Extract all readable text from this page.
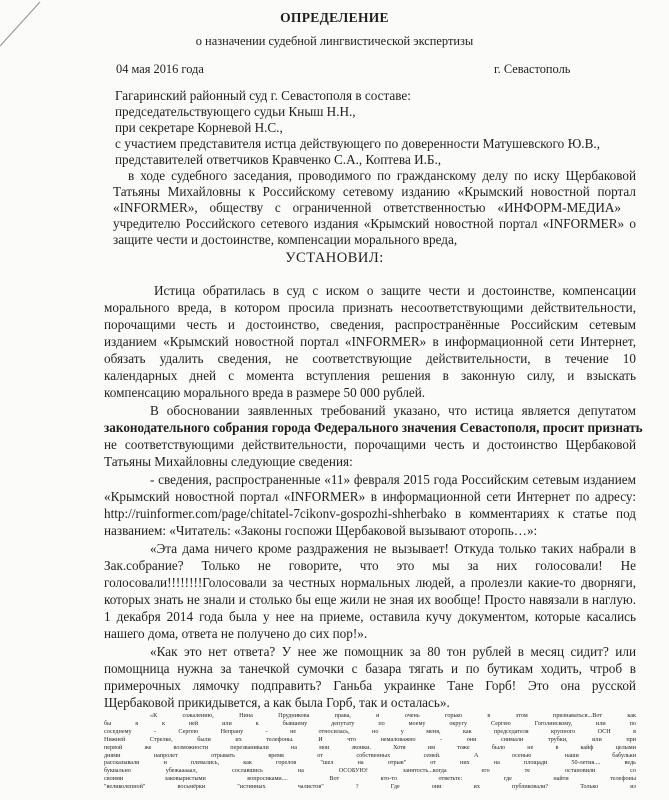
ОПРЕДЕЛЕНИЕ
о назначении судебной лингвистической экспертизы
04 мая 2016 года	г. Севастополь
Гагаринский районный суд г. Севастополя в составе:
председательствующего судьи Кныш Н.Н.,
при секретаре Корневой Н.С.,
с участием представителя истца действующего по доверенности Матушевского Ю.В.,
представителей ответчиков Кравченко С.А., Коптева И.Б.,
в ходе судебного заседания, проводимого по гражданскому делу по иску Щербаковой
Татьяны Михайловны к Российскому сетевому изданию «Крымский новостной портал
«INFORMER», обществу с ограниченной ответственностью «ИНФОРМ-МЕДИА»
учредителю Российского сетевого издания «Крымский новостной портал «INFORMER» о
защите чести и достоинстве, компенсации морального вреда,
УСТАНОВИЛ:
Истица обратилась в суд с иском о защите чести и достоинстве, компенсации
морального вреда, в котором просила признать несоответствующими действительности,
порочащими честь и достоинство, сведения, распространённые Российским сетевым
изданием «Крымский новостной портал «INFORMER» в информационной сети Интернет,
обязать удалить сведения, не соответствующие действительности, в течение 10
календарных дней с момента вступления решения в законную силу, и взыскать
компенсацию морального вреда в размере 50 000 рублей.
В обосновании заявленных требований указано, что истица является депутатом
законодательного собрания города Федерального значения Севастополя, просит признать
не соответствующими действительности, порочащими честь и достоинство Щербаковой
Татьяны Михайловны следующие сведения:
- сведения, распространенные «11» февраля 2015 года Российским сетевым изданием
«Крымский новостной портал «INFORMER» в информационной сети Интернет по адресу:
http://ruinformer.com/page/chitatel-7cikonv-gospozhi-shherbako в комментариях к статье под
названием: «Читатель: «Законы госпожи Щербаковой вызывают оторопь…»:
«Эта дама ничего кроме раздражения не вызывает! Откуда только таких набрали в
Зак.собрание? Только не говорите, что это мы за них голосовали! Не
голосовали!!!!!!!!Голосовали за честных нормальных людей, а пролезли какие-то дворняги,
которых знать не знали и столько бы еще жили не зная их вообще! Просто навязали в наглую.
1 декабря 2014 года была у нее на приеме, оставила кучу документом, которые касались
нашего дома, ответа не получено до сих пор!».
«Как это нет ответа? У нее же помощник за 80 тон рублей в месяц сидит? или
помощница нужна за танечкой сумочки с базара тягать и по бутикам ходить, чтроб в
примерочных лямочку подправить? Ганьба украинке Тане Горб! Это она русской
Щербаковой прикидывется, а как была Горб, так и осталась».
«К сожалению, Нина Прудникова права, и очень горько в этом признаваться...Вот как
бы я к ней или к бывшему депутату по моему округу Сергею Гоголинскому, или по
соседнему - Сергею Непрану - не относилась, но у меня, как председателя крупного ОСН в
Нижней Стрелке, были их телефоны. И что немаловажно - они снимали трубки, или при
первой же возможности перезванивали на мои звонки. Хотя им тоже было не в кайф целыми
днями напролет отрывать время от собственных семей. А осенью наши бабульки
рассказывали и плевались, как горелов "шел на отрыв" от них на площади 50-летия.... ведь
буквально убежааааал, сославшись на ОСОБУЮ! занятость...когда его те остановили со
своими заковыристыми вопросиками.... Вот кто-то ответьте: где найти телефоны
"великолепной" восьмёрки "истинных чалистов" ? Где они их публиковали? Только из
